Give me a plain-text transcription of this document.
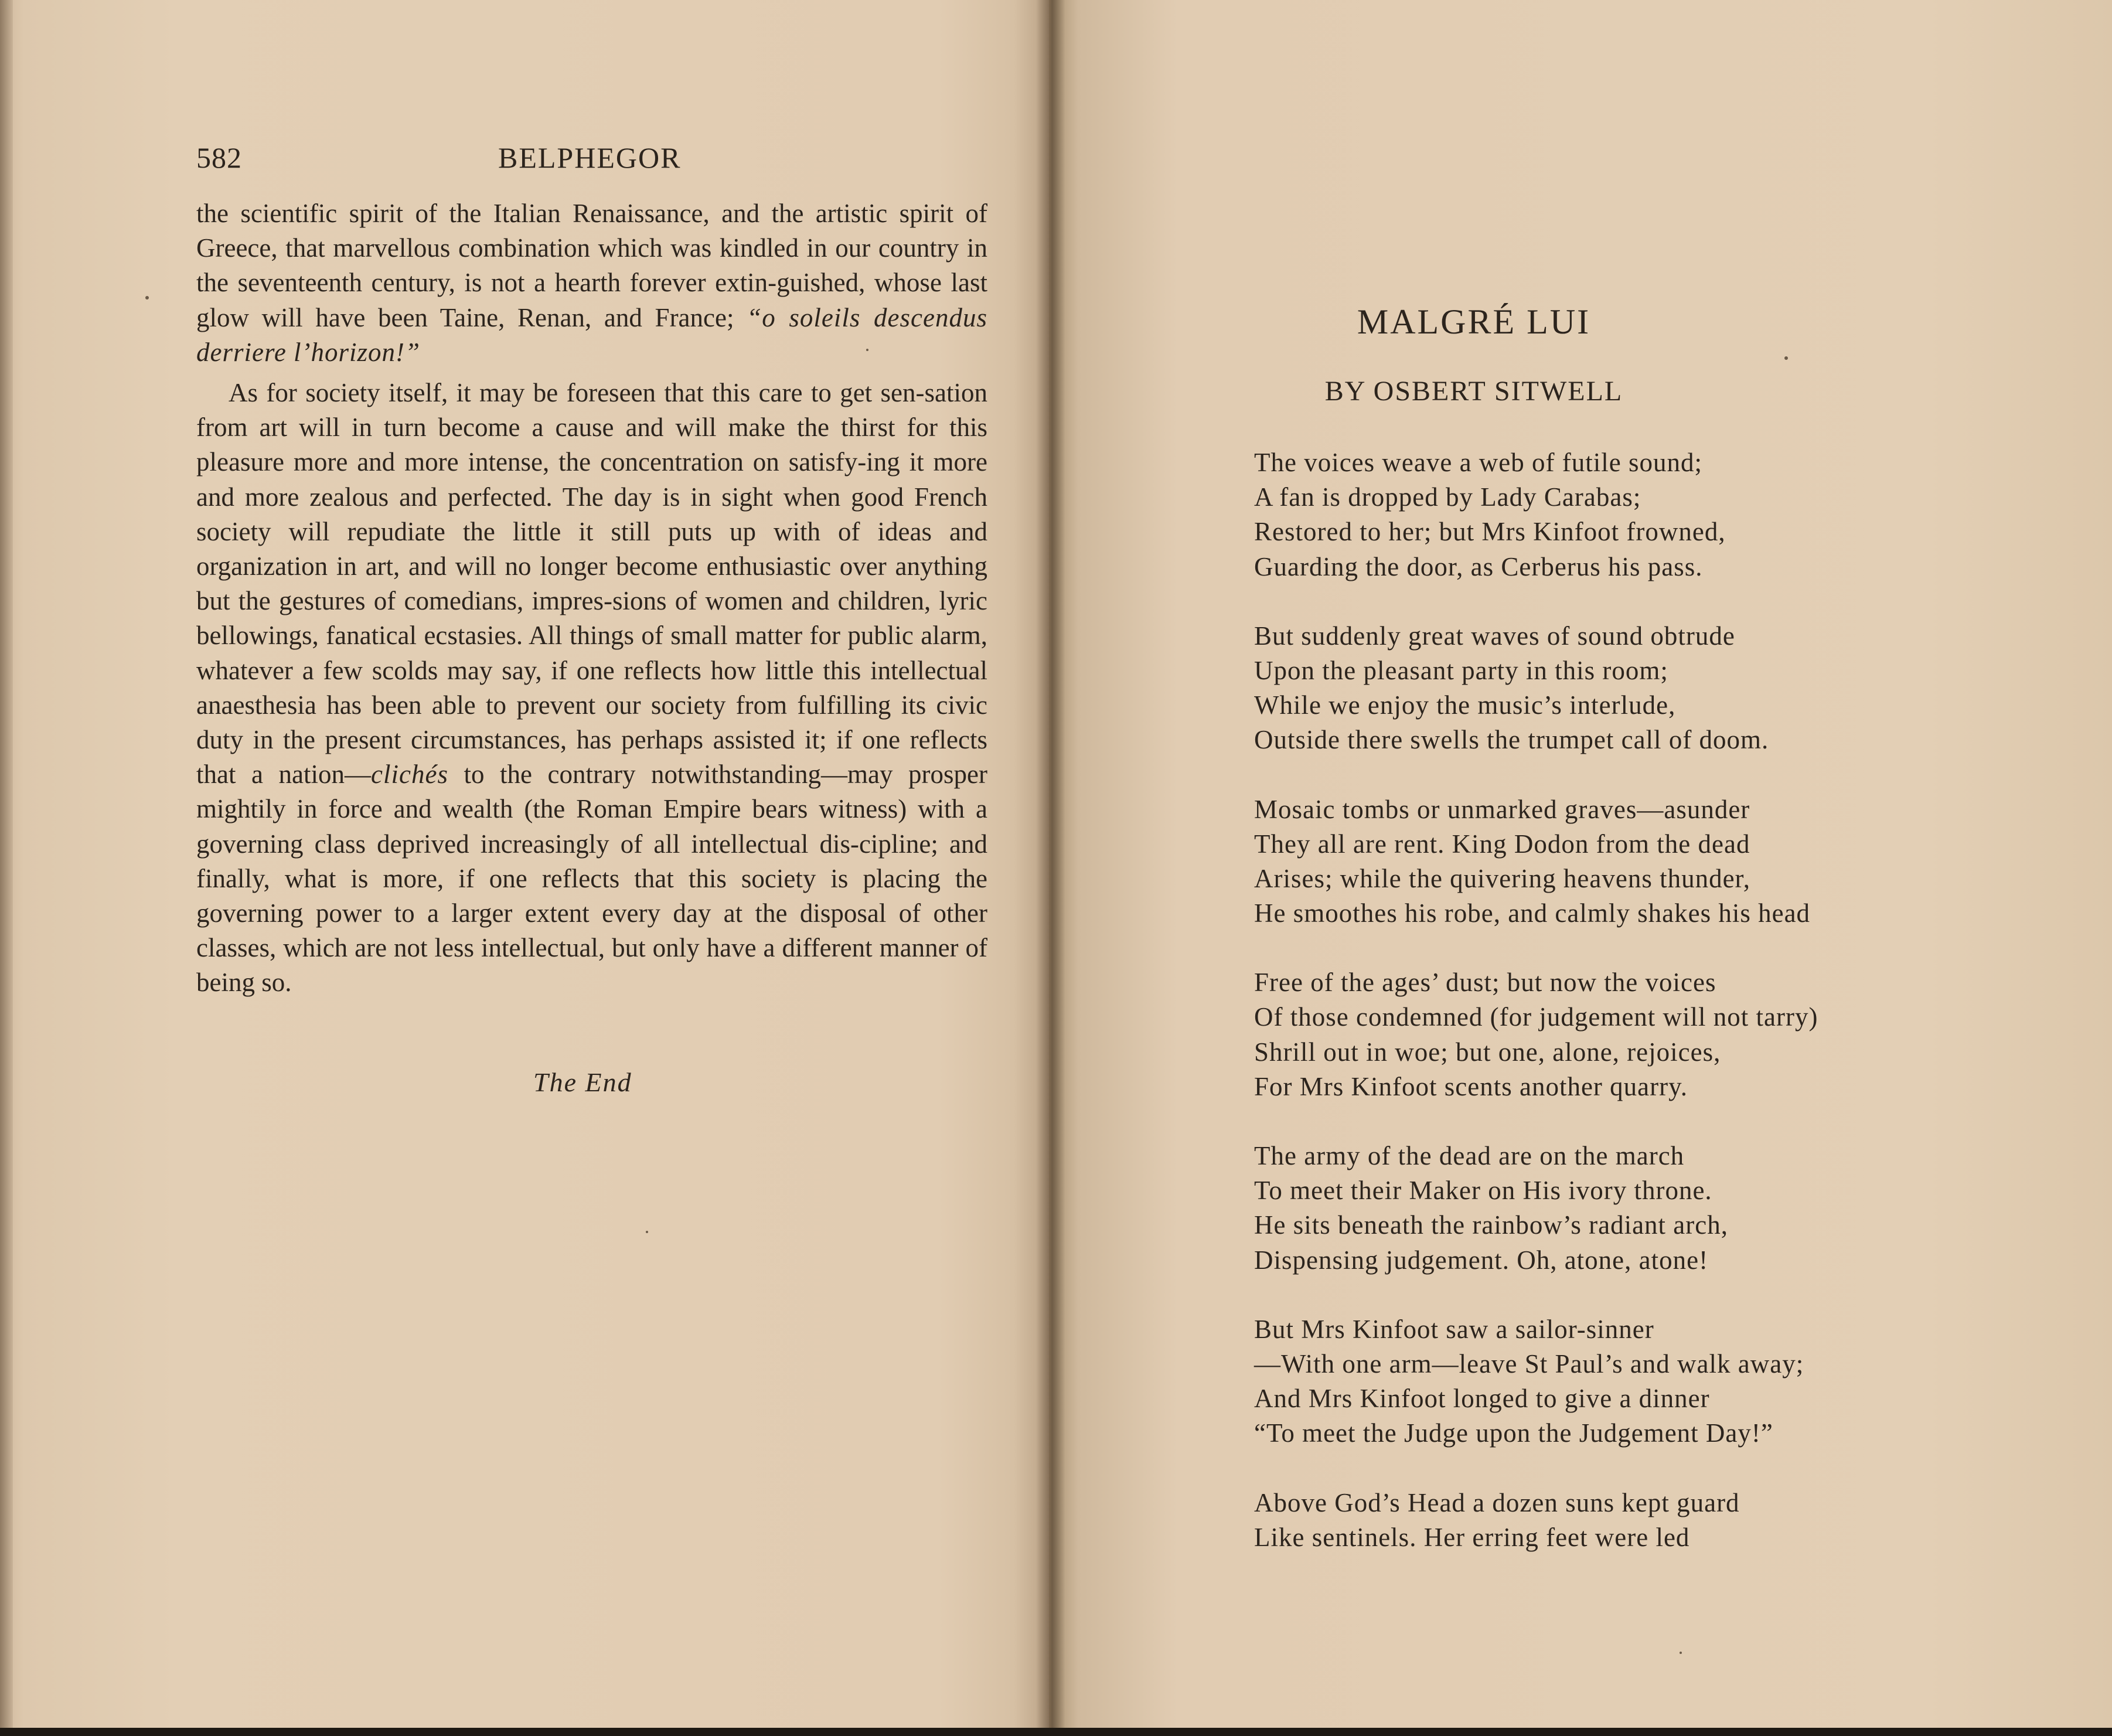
582	BELPHEGOR

the scientific spirit of the Italian Renaissance, and the artistic spirit of Greece, that marvellous combination which was kindled in our country in the seventeenth century, is not a hearth forever extin-guished, whose last glow will have been Taine, Renan, and France; “o soleils descendus derriere l’horizon!”

As for society itself, it may be foreseen that this care to get sen-sation from art will in turn become a cause and will make the thirst for this pleasure more and more intense, the concentration on satisfy-ing it more and more zealous and perfected. The day is in sight when good French society will repudiate the little it still puts up with of ideas and organization in art, and will no longer become enthusiastic over anything but the gestures of comedians, impres-sions of women and children, lyric bellowings, fanatical ecstasies. All things of small matter for public alarm, whatever a few scolds may say, if one reflects how little this intellectual anaesthesia has been able to prevent our society from fulfilling its civic duty in the present circumstances, has perhaps assisted it; if one reflects that a nation—clichés to the contrary notwithstanding—may prosper mightily in force and wealth (the Roman Empire bears witness) with a governing class deprived increasingly of all intellectual dis-cipline; and finally, what is more, if one reflects that this society is placing the governing power to a larger extent every day at the disposal of other classes, which are not less intellectual, but only have a different manner of being so.

The End
MALGRÉ LUI
BY OSBERT SITWELL
The voices weave a web of futile sound;
A fan is dropped by Lady Carabas;
Restored to her; but Mrs Kinfoot frowned,
Guarding the door, as Cerberus his pass.
But suddenly great waves of sound obtrude
Upon the pleasant party in this room;
While we enjoy the music’s interlude,
Outside there swells the trumpet call of doom.
Mosaic tombs or unmarked graves—asunder
They all are rent. King Dodon from the dead
Arises; while the quivering heavens thunder,
He smoothes his robe, and calmly shakes his head
Free of the ages’ dust; but now the voices
Of those condemned (for judgement will not tarry)
Shrill out in woe; but one, alone, rejoices,
For Mrs Kinfoot scents another quarry.
The army of the dead are on the march
To meet their Maker on His ivory throne.
He sits beneath the rainbow’s radiant arch,
Dispensing judgement. Oh, atone, atone!
But Mrs Kinfoot saw a sailor-sinner
—With one arm—leave St Paul’s and walk away;
And Mrs Kinfoot longed to give a dinner
“To meet the Judge upon the Judgement Day!”
Above God’s Head a dozen suns kept guard
Like sentinels. Her erring feet were led
